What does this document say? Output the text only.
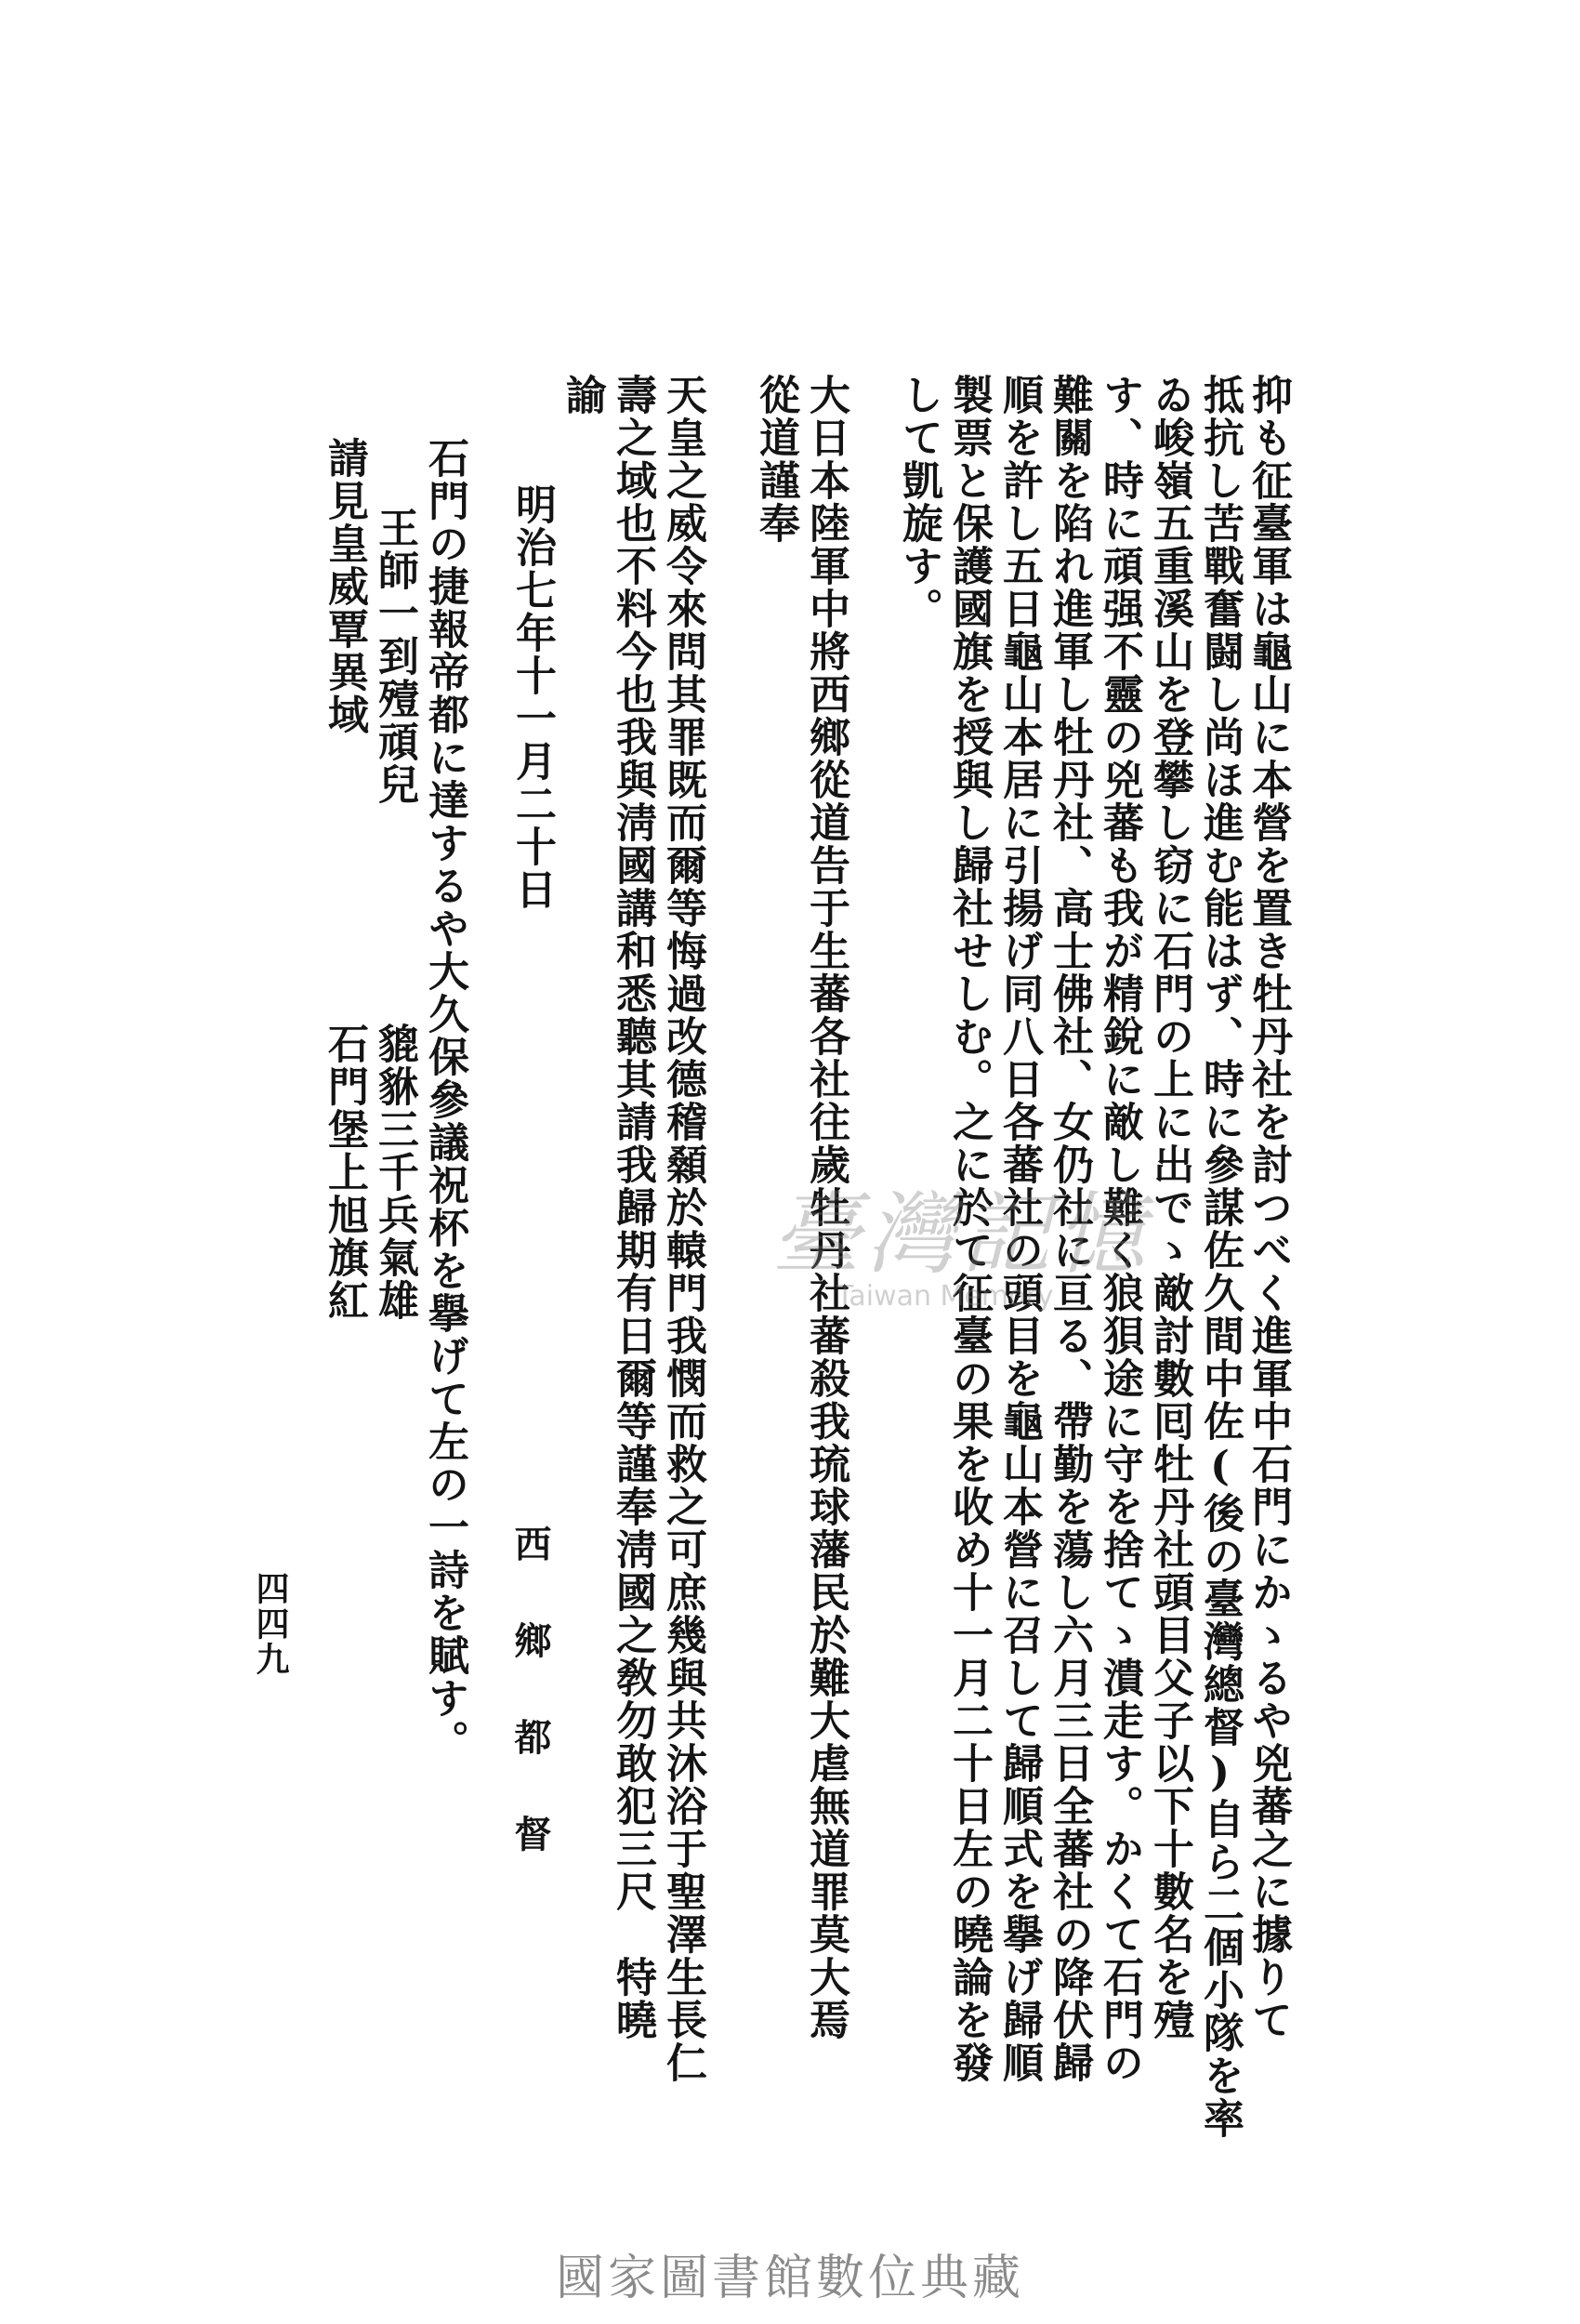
抑も征臺軍は龜山に本營を置き牡丹社を討つべく進軍中石門にかゝるや兇蕃之に據りて
抵抗し苦戰奮闘し尚ほ進む能はず、時に參謀佐久間中佐(後の臺灣總督)自ら二個小隊を率
ゐ峻嶺五重溪山を登攀し窃に石門の上に出でゝ敵討數囘牡丹社頭目父子以下十數名を殪
す、時に頑强不靈の兇蕃も我が精銳に敵し難く狼狽途に守を捨てゝ潰走す。かくて石門の
難關を陷れ進軍し牡丹社、高士佛社、女仍社に亘る、帶勤を蕩し六月三日全蕃社の降伏歸
順を許し五日龜山本居に引揚げ同八日各蕃社の頭目を龜山本營に召して歸順式を擧げ歸順
製票と保護國旗を授與し歸社せしむ。之に於て征臺の果を收め十一月二十日左の曉論を發
して凱旋す。
大日本陸軍中將西鄉從道告于生蕃各社往歲牡丹社蕃殺我琉球藩民於難大虐無道罪莫大焉
從道謹奉
天皇之威令來問其罪既而爾等悔過改德稽顙於轅門我憫而救之可庶幾與共沐浴于聖澤生長仁
壽之域也不料今也我與淸國講和悉聽其請我歸期有日爾等謹奉淸國之敎勿敢犯三尺　特曉
諭
明治七年十一月二十日
西　鄉　都　督
石門の捷報帝都に達するや大久保參議祝杯を擧げて左の一詩を賦す。
王師一到殪頑兒
貔貅三千兵氣雄
請見皇威覃異域
石門堡上旭旗紅
四四九
臺灣記憶
Taiwan Memory
國家圖書館數位典藏
